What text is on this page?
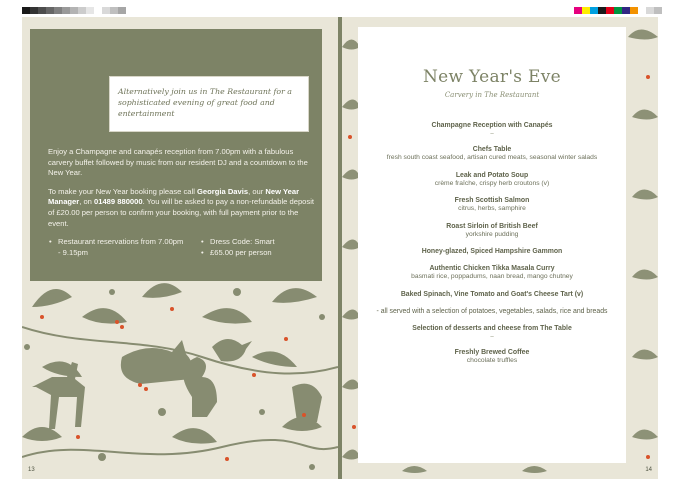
Alternatively join us in The Restaurant for a sophisticated evening of great food and entertainment

Enjoy a Champagne and canapés reception from 7.00pm with a fabulous carvery buffet followed by music from our resident DJ and a countdown to the New Year.

To make your New Year booking please call Georgia Davis, our New Year Manager, on 01489 880000. You will be asked to pay a non-refundable deposit of £20.00 per person to confirm your booking, with full payment prior to the event.

• Restaurant reservations from 7.00pm - 9.15pm
• Dress Code: Smart
• £65.00 per person
13
New Year's Eve
Carvery in The Restaurant
Champagne Reception with Canapés
–
Chefs Table
fresh south coast seafood, artisan cured meats, seasonal winter salads
Leak and Potato Soup
crème fraîche, crispy herb croutons (v)
Fresh Scottish Salmon
citrus, herbs, samphire
Roast Sirloin of British Beef
yorkshire pudding
Honey-glazed, Spiced Hampshire Gammon
Authentic Chicken Tikka Masala Curry
basmati rice, poppadums, naan bread, mango chutney
Baked Spinach, Vine Tomato and Goat's Cheese Tart (v)
- all served with a selection of potatoes, vegetables, salads, rice and breads
Selection of desserts and cheese from The Table
–
Freshly Brewed Coffee
chocolate truffles
14
